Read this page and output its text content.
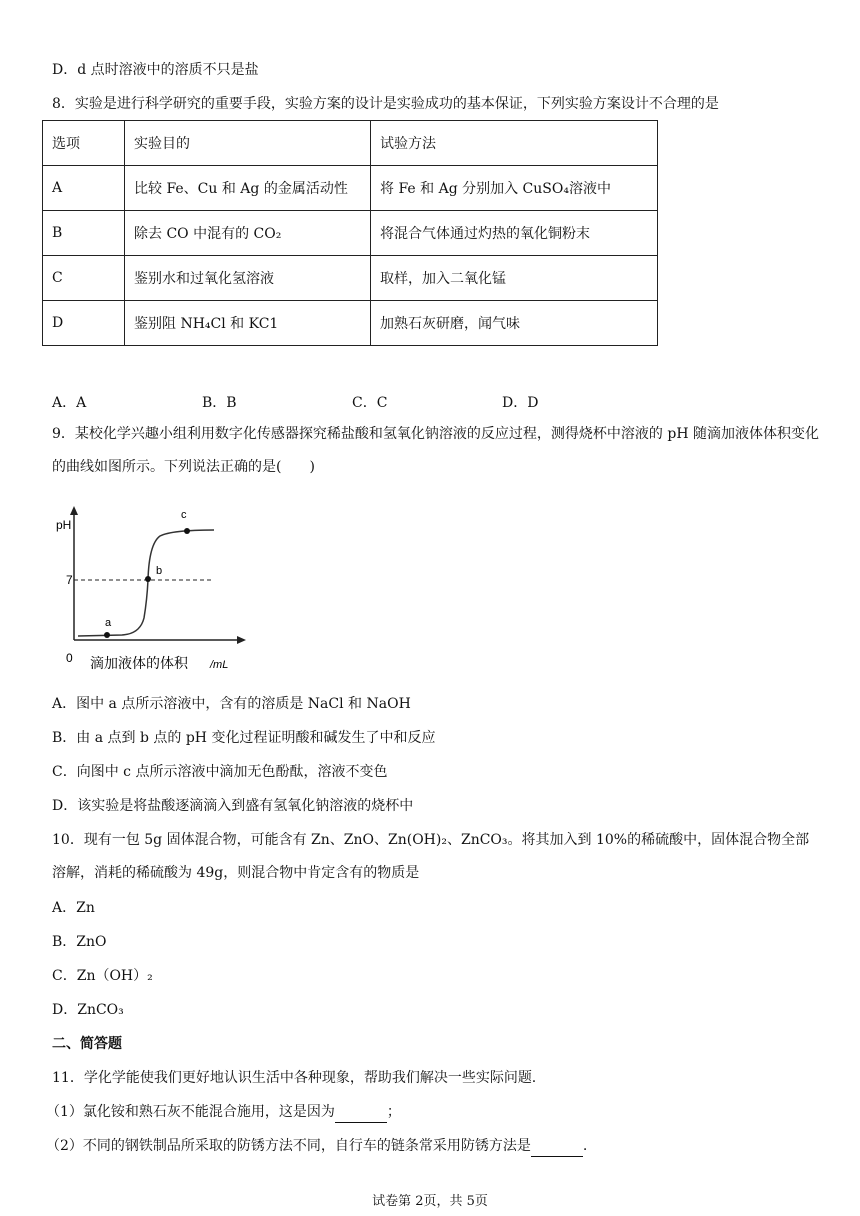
D．d 点时溶液中的溶质不只是盐
8．实验是进行科学研究的重要手段，实验方案的设计是实验成功的基本保证，下列实验方案设计不合理的是
选项	实验目的	试验方法
A	比较 Fe、Cu 和 Ag 的金属活动性	将 Fe 和 Ag 分别加入 CuSO₄溶液中
B	除去 CO 中混有的 CO₂	将混合气体通过灼热的氧化铜粉末
C	鉴别水和过氧化氢溶液	取样，加入二氧化锰
D	鉴别阻 NH₄Cl 和 KC1	加熟石灰研磨，闻气味
A．A	B．B	C．C	D．D
9．某校化学兴趣小组利用数字化传感器探究稀盐酸和氢氧化钠溶液的反应过程，测得烧杯中溶液的 pH 随滴加液体体积变化的曲线如图所示。下列说法正确的是(　　)
pH
7
0
a
b
c
滴加液体的体积 /mL
A．图中 a 点所示溶液中，含有的溶质是 NaCl 和 NaOH
B．由 a 点到 b 点的 pH 变化过程证明酸和碱发生了中和反应
C．向图中 c 点所示溶液中滴加无色酚酞，溶液不变色
D．该实验是将盐酸逐滴滴入到盛有氢氧化钠溶液的烧杯中
10．现有一包 5g 固体混合物，可能含有 Zn、ZnO、Zn(OH)₂、ZnCO₃。将其加入到 10%的稀硫酸中，固体混合物全部溶解，消耗的稀硫酸为 49g，则混合物中肯定含有的物质是
A．Zn
B．ZnO
C．Zn（OH）₂
D．ZnCO₃
二、简答题
11．学化学能使我们更好地认识生活中各种现象，帮助我们解决一些实际问题.
（1）氯化铵和熟石灰不能混合施用，这是因为	；
（2）不同的钢铁制品所采取的防锈方法不同，自行车的链条常采用防锈方法是	.
试卷第 2页，共 5页
